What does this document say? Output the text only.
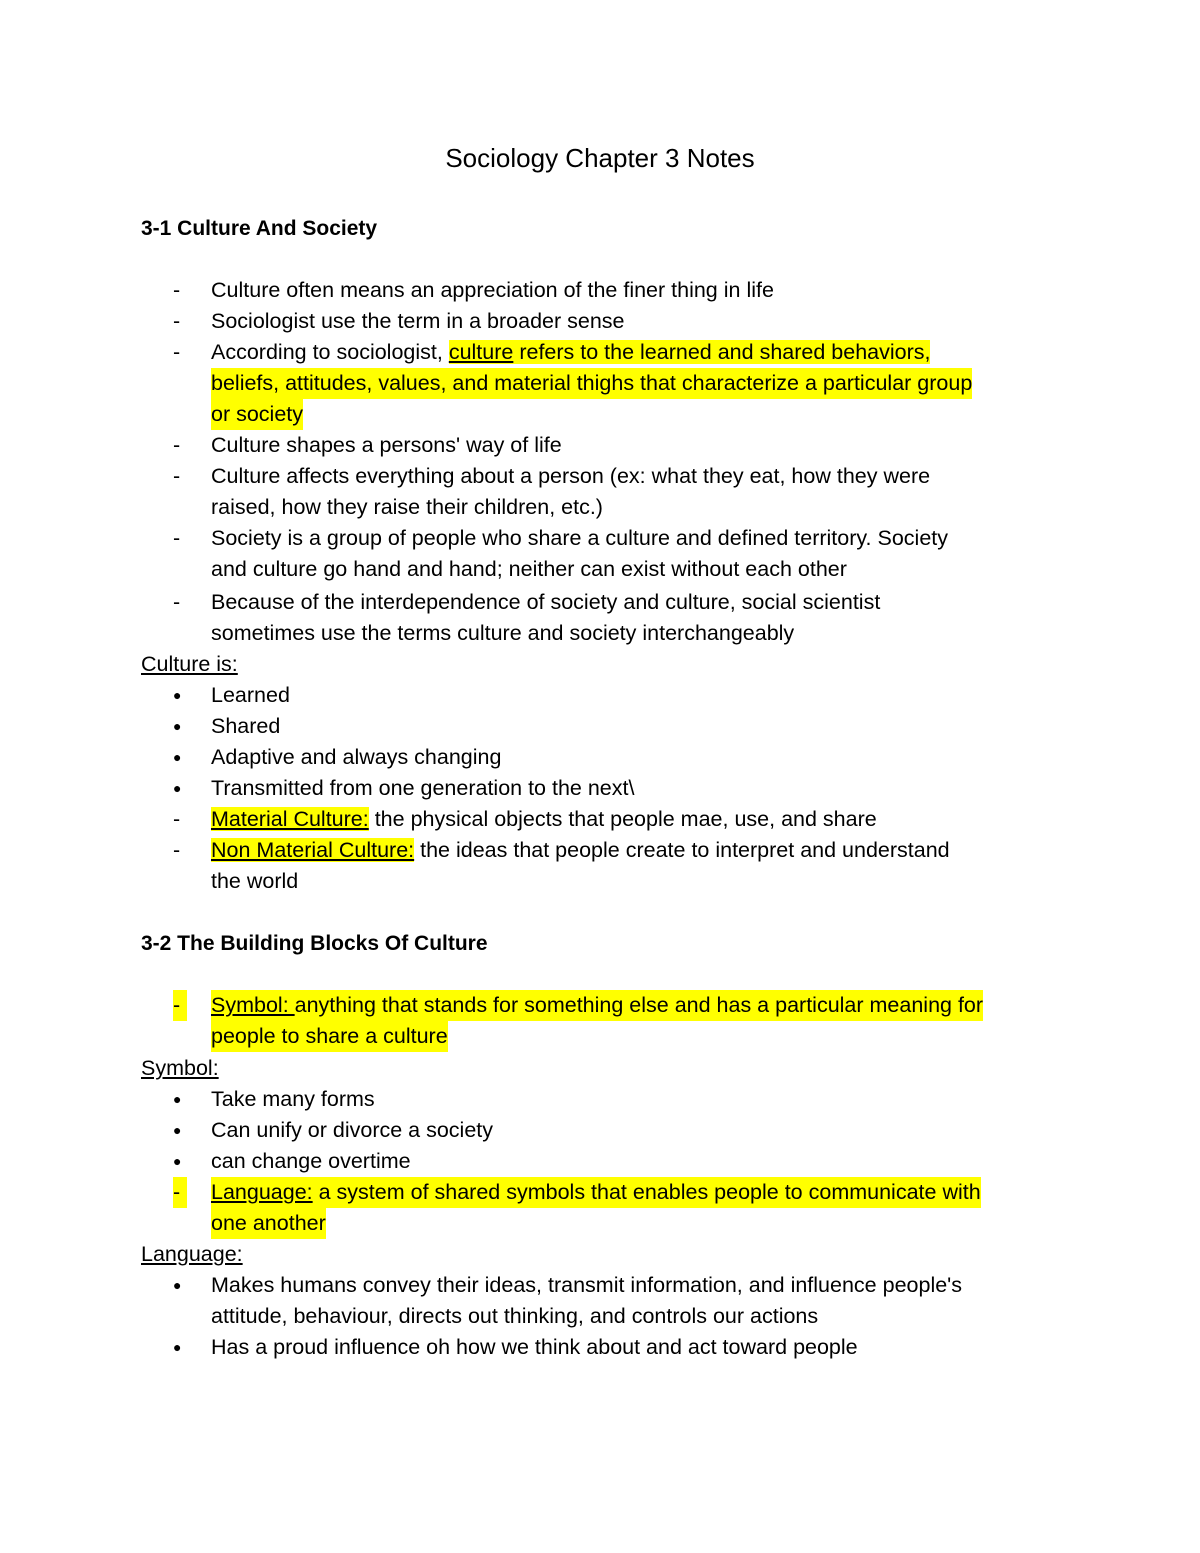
Sociology Chapter 3 Notes
3-1 Culture And Society
-
Culture often means an appreciation of the finer thing in life
-
Sociologist use the term in a broader sense
-
According to sociologist, culture refers to the learned and shared behaviors,
beliefs, attitudes, values, and material thighs that characterize a particular group
or society
-
Culture shapes a persons' way of life
-
Culture affects everything about a person (ex: what they eat, how they were
raised, how they raise their children, etc.)
-
Society is a group of people who share a culture and defined territory. Society
and culture go hand and hand; neither can exist without each other
-
Because of the interdependence of society and culture, social scientist
sometimes use the terms culture and society interchangeably
Culture is:
●
Learned
●
Shared
●
Adaptive and always changing
●
Transmitted from one generation to the next\
-
Material Culture: the physical objects that people mae, use, and share
-
Non Material Culture: the ideas that people create to interpret and understand
the world
3-2 The Building Blocks Of Culture
-
Symbol: anything that stands for something else and has a particular meaning for
people to share a culture
Symbol:
●
Take many forms
●
Can unify or divorce a society
●
can change overtime
-
Language: a system of shared symbols that enables people to communicate with
one another
Language:
●
Makes humans convey their ideas, transmit information, and influence people's
attitude, behaviour, directs out thinking, and controls our actions
●
Has a proud influence oh how we think about and act toward people
